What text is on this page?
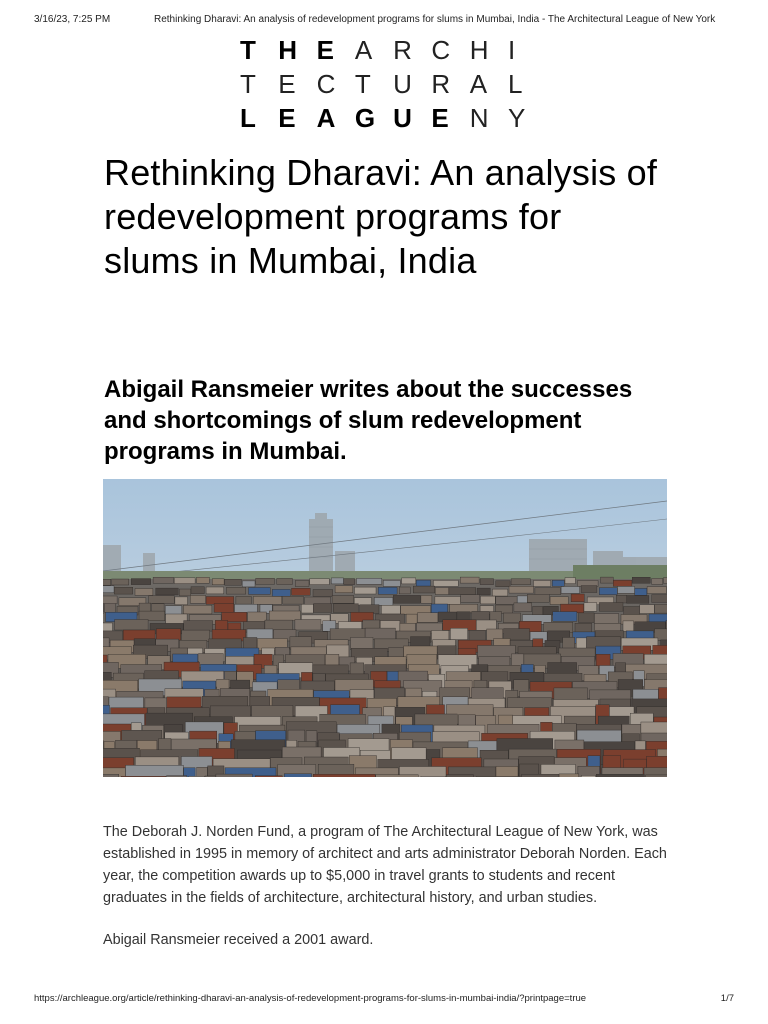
3/16/23, 7:25 PM	Rethinking Dharavi: An analysis of redevelopment programs for slums in Mumbai, India - The Architectural League of New York
T H E A R C H I
T E C T U R A L
L E A G U E N Y
Rethinking Dharavi: An analysis of redevelopment programs for slums in Mumbai, India
Abigail Ransmeier writes about the successes and shortcomings of slum redevelopment programs in Mumbai.

The Deborah J. Norden Fund, a program of The Architectural League of New York, was established in 1995 in memory of architect and arts administrator Deborah Norden. Each year, the competition awards up to $5,000 in travel grants to students and recent graduates in the fields of architecture, architectural history, and urban studies.

Abigail Ransmeier received a 2001 award.

https://archleague.org/article/rethinking-dharavi-an-analysis-of-redevelopment-programs-for-slums-in-mumbai-india/?printpage=true	1/7
